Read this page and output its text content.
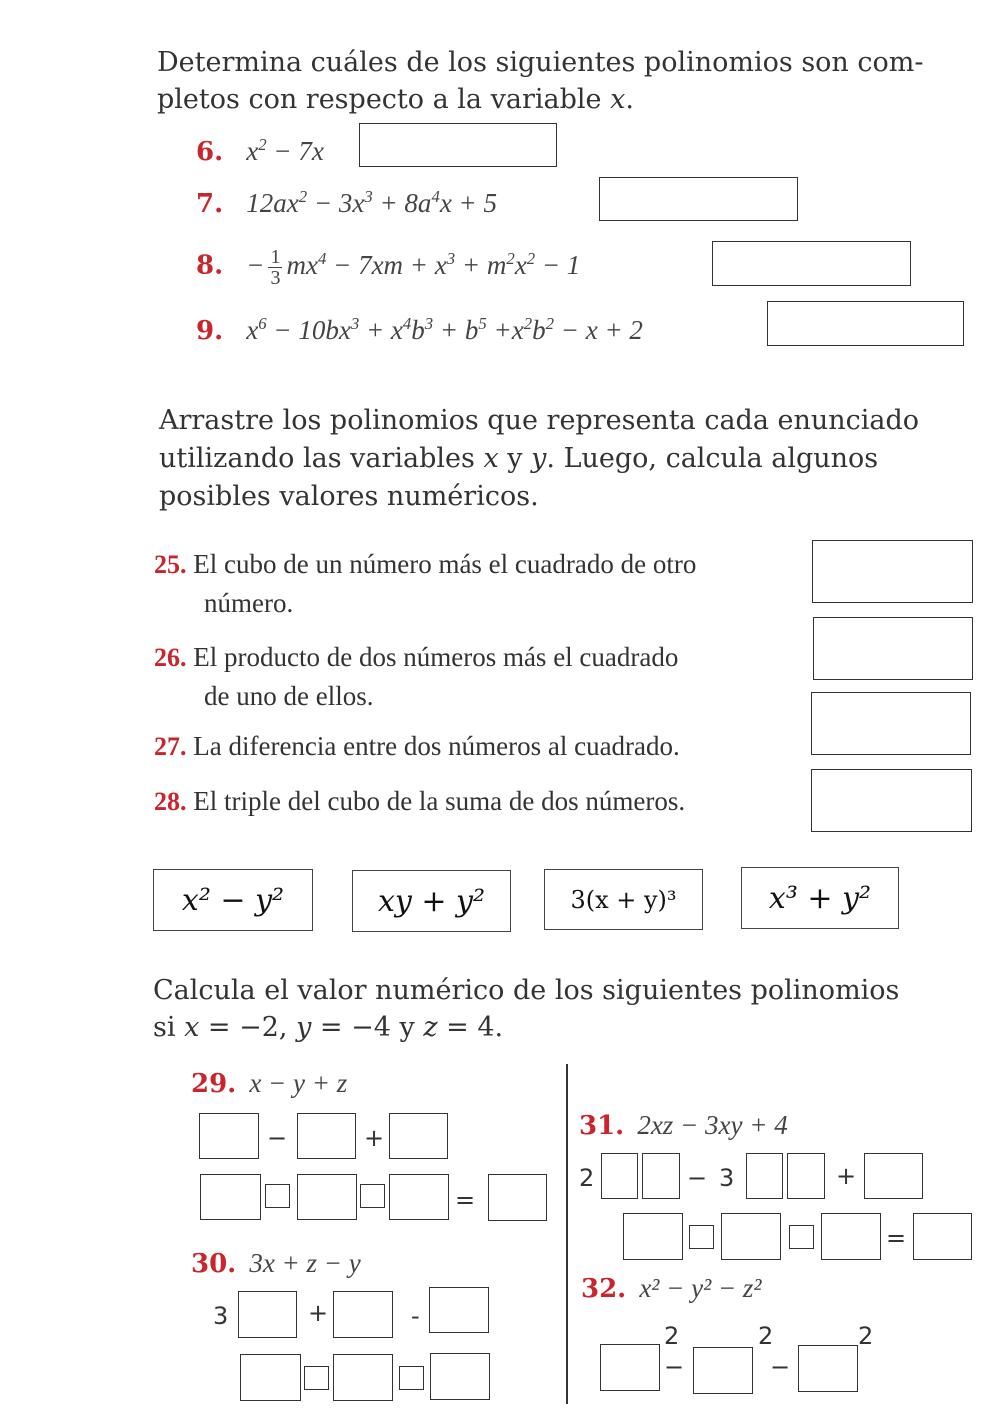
Determina cuáles de los siguientes polinomios son com-
pletos con respecto a la variable x.
6. $x^2 - 7x$
7. $12ax^2 - 3x^3 + 8a^4x + 5$
8. − $\frac{1}{3} mx^4 - 7xm + x^3 + m^2x^2 - 1$
9. $x^6 - 10bx^3 + x^4b^3 + b^5 +x^2b^2 - x + 2$
Arrastre los polinomios que representa cada enunciado
utilizando las variables x y y. Luego, calcula algunos
posibles valores numéricos.
25. El cubo de un número más el cuadrado de otro
número.
26. El producto de dos números más el cuadrado
de uno de ellos.
27. La diferencia entre dos números al cuadrado.
28. El triple del cubo de la suma de dos números.
x² − y²	xy + y²	3(x + y)³	x³ + y²
Calcula el valor numérico de los siguientes polinomios
si x = −2, y = −4 y z = 4.
29. x − y + z
−	+
=
30. 3x + z − y
3	+	-
31. 2xz − 3xy + 4
2	− 3	+
=
32. x² − y² − z²
2
−
2
−
2
